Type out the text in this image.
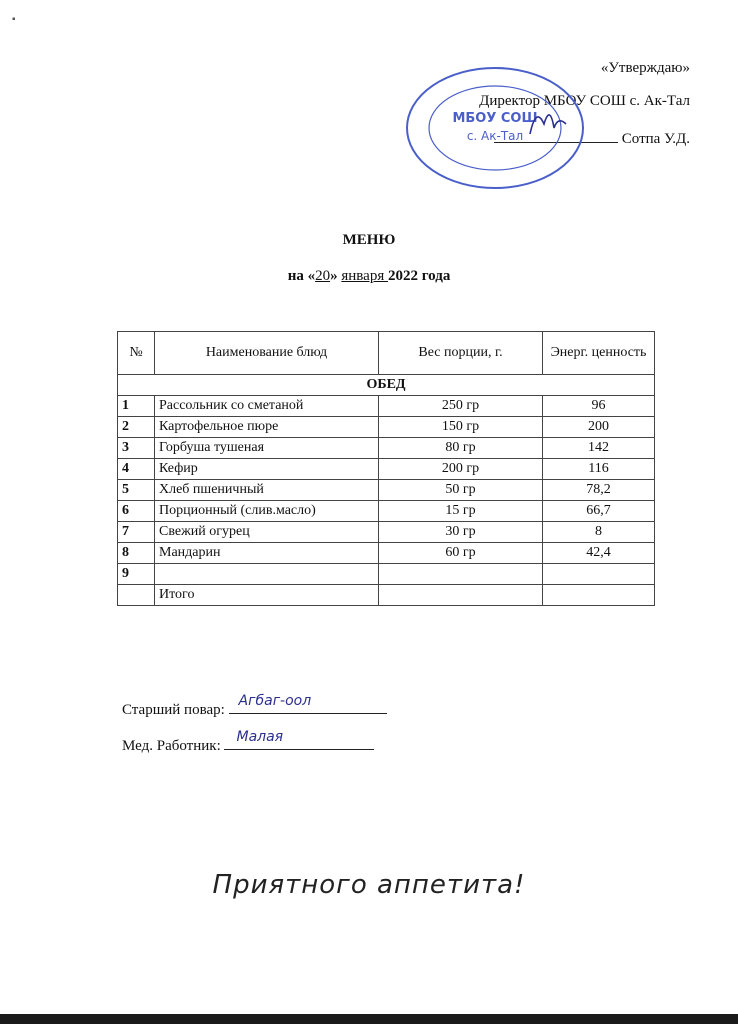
«Утверждаю»
Директор МБОУ СОШ с. Ак-Тал
Сотпа У.Д.
МБОУ СОШ
с. Ак-Тал
МЕНЮ
на «20» января 2022 года
№	Наименование блюд	Вес порции, г.	Энерг. ценность
ОБЕД			
1	Рассольник со сметаной	250 гр	96
2	Картофельное пюре	150 гр	200
3	Горбуша тушеная	80 гр	142
4	Кефир	200 гр	116
5	Хлеб пшеничный	50 гр	78,2
6	Порционный (слив.масло)	15 гр	66,7
7	Свежий огурец	30 гр	8
8	Мандарин	60 гр	42,4
9			
	Итого		
Старший повар:
Агбаг-оол
Мед. Работник:
Малая
Приятного аппетита!
▪
